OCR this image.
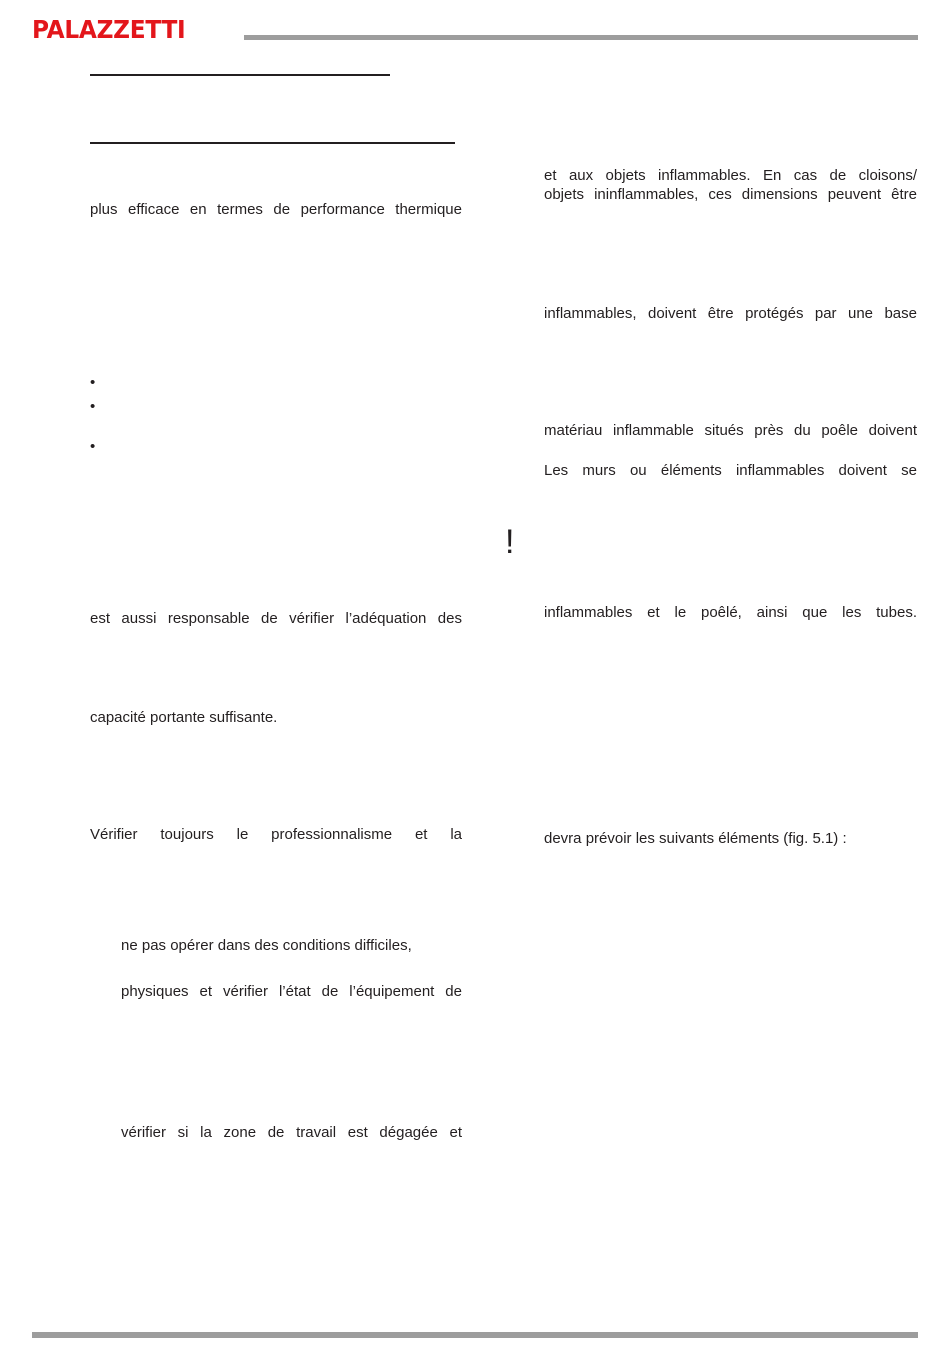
PALAZZETTI

plus efficace en termes de performance thermique

•
•
•

est aussi responsable de vérifier l’adéquation des

capacité portante suffisante.

Vérifier toujours le professionnalisme et la

ne pas opérer dans des conditions difficiles,

physiques et vérifier l’état de l’équipement de

vérifier si la zone de travail est dégagée et

!

et aux objets inflammables. En cas de cloisons/

objets ininflammables, ces dimensions peuvent être

inflammables, doivent être protégés par une base

matériau inflammable situés près du poêle doivent

Les murs ou éléments inflammables doivent se

inflammables et le poêlé, ainsi que les tubes.

devra prévoir les suivants éléments (fig. 5.1) :
